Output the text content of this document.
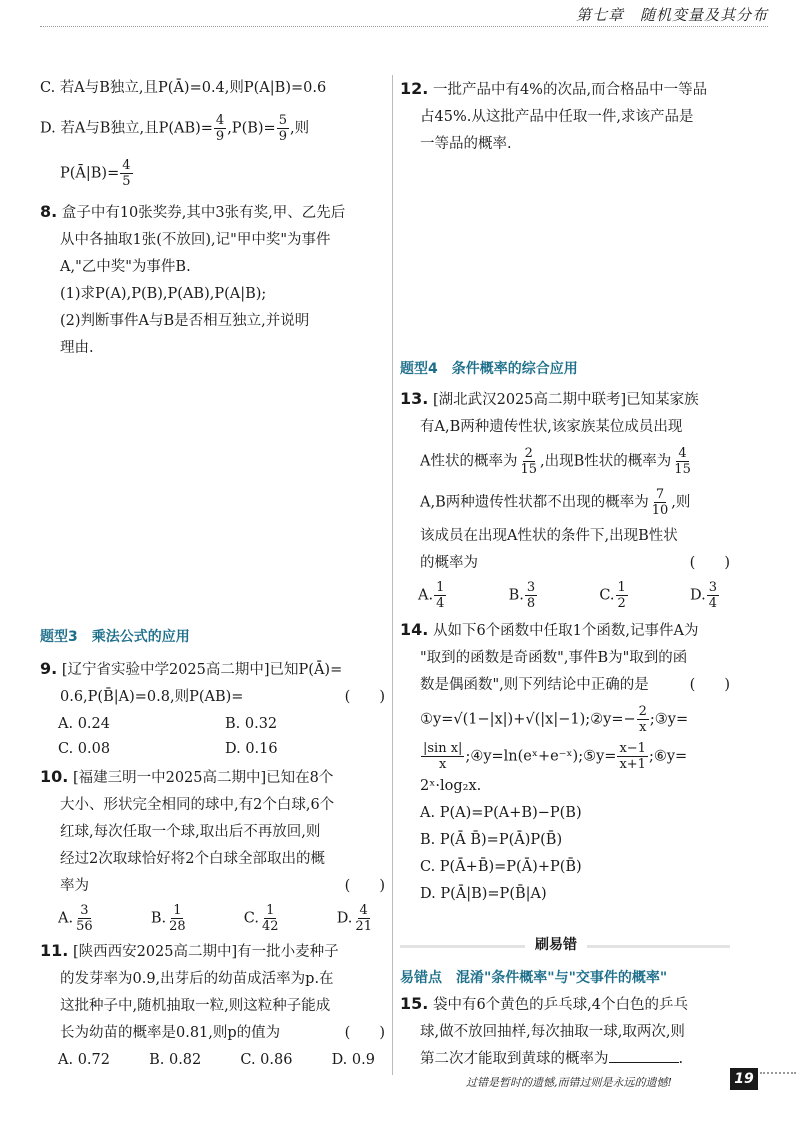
第七章　随机变量及其分布

C. 若A与B独立,且P(Ā)=0.4,则P(A|B)=0.6

D. 若A与B独立,且$P(AB)= \frac{4}{9} ,P(B)= \frac{5}{9}$ ,则

P(Ā|B)= $\frac{4}{5}$

8. 盒子中有10张奖券,其中3张有奖,甲、乙先后

从中各抽取1张(不放回),记"甲中奖"为事件

A,"乙中奖"为事件B.

(1)求P(A),P(B),P(AB),P(A|B);

(2)判断事件A与B是否相互独立,并说明

理由.

题型3　乘法公式的应用

9. [辽宁省实验中学2025高二期中]已知P(Ā)=

0.6,P(B̄|A)=0.8,则P(AB)=	(　　)

A. 0.24	B. 0.32
C. 0.08	D. 0.16

10. [福建三明一中2025高二期中]已知在8个

大小、形状完全相同的球中,有2个白球,6个

红球,每次任取一个球,取出后不再放回,则

经过2次取球恰好将2个白球全部取出的概

率为	(　　)

A. $\frac{3}{56}$	B. $\frac{1}{28}$	C. $\frac{1}{42}$	D. $\frac{4}{21}$

11. [陕西西安2025高二期中]有一批小麦种子

的发芽率为0.9,出芽后的幼苗成活率为p.在

这批种子中,随机抽取一粒,则这粒种子能成

长为幼苗的概率是0.81,则p的值为	(　　)

A. 0.72	B. 0.82	C. 0.86	D. 0.9

12. 一批产品中有4%的次品,而合格品中一等品

占45%.从这批产品中任取一件,求该产品是

一等品的概率.

题型4　条件概率的综合应用

13. [湖北武汉2025高二期中联考]已知某家族

有A,B两种遗传性状,该家族某位成员出现

A性状的概率为 $\frac{2}{15}$ ,出现B性状的概率为 $\frac{4}{15}$

A,B两种遗传性状都不出现的概率为 $\frac{7}{10}$ ,则

该成员在出现A性状的条件下,出现B性状

的概率为	(　　)

A. $\frac{1}{4}$	B. $\frac{3}{8}$	C. $\frac{1}{2}$	D. $\frac{3}{4}$

14. 从如下6个函数中任取1个函数,记事件A为

"取到的函数是奇函数",事件B为"取到的函

数是偶函数",则下列结论中正确的是	(　　)

①y=√(1−|x|)+√(|x|−1);②y=− $\frac{2}{x}$ ;③y=

$\frac{\text{|sin x|}}{x}$ ;④y=ln(eˣ+e⁻ˣ);⑤y= $\frac{x-1}{x+1}$ ;⑥y=

2ˣ·log₂x.

A. P(A)=P(A+B)−P(B)

B. P(Ā B̄)=P(Ā)P(B̄)

C. P(Ā+B̄)=P(Ā)+P(B̄)

D. P(Ā|B)=P(B̄|A)

刷易错

易错点　混淆"条件概率"与"交事件的概率"

15. 袋中有6个黄色的乒乓球,4个白色的乒乓

球,做不放回抽样,每次抽取一球,取两次,则

第二次才能取到黄球的概率为	.

过错是暂时的遗憾,而错过则是永远的遗憾!	19
